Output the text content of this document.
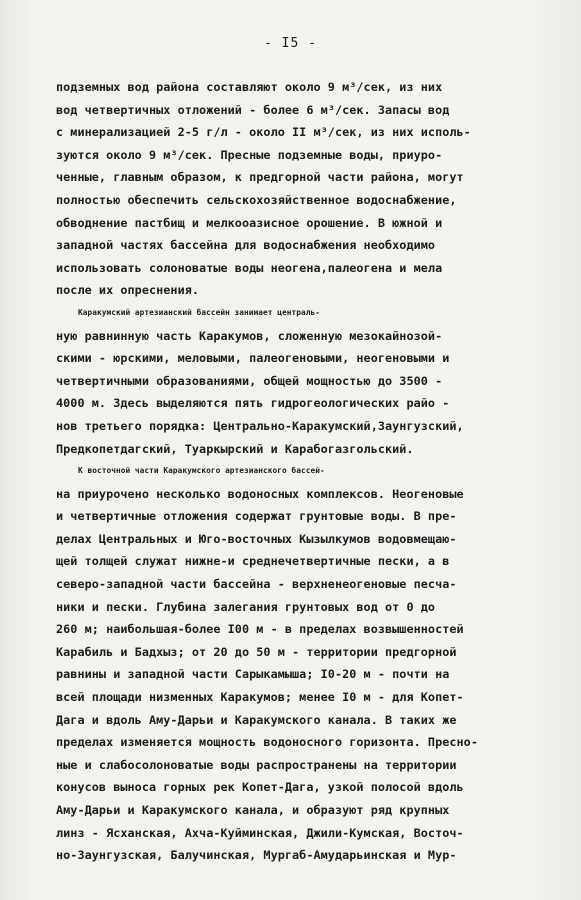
- I5 -
подземных вод района составляют около 9 м³/сек, из них
вод четвертичных отложений - более 6 м³/сек. Запасы вод
с минерализацией 2-5 г/л - около II м³/сек, из них исполь-
зуются около 9 м³/сек. Пресные подземные воды, приуро-
ченные, главным образом, к предгорной части района, могут
полностью обеспечить сельскохозяйственное водоснабжение,
обводнение пастбищ и мелкооазисное орошение. В южной и
западной частях бассейна для водоснабжения необходимо
использовать солоноватые воды неогена,палеогена и мела
после их опреснения.
Каракумский артезианский бассейн занимает централь-
ную равнинную часть Каракумов, сложенную мезокайнозой-
скими - юрскими, меловыми, палеогеновыми, неогеновыми и
четвертичными образованиями, общей мощностью до 3500 -
4000 м. Здесь выделяются пять гидрогеологических райо -
нов третьего порядка: Центрально-Каракумский,Заунгузский,
Предкопетдагский, Туаркырский и Карабогазгольский.
К восточной части Каракумского артезианского бассей-
на приурочено несколько водоносных комплексов. Неогеновые
и четвертичные отложения содержат грунтовые воды. В пре-
делах Центральных и Юго-восточных Кызылкумов водовмещаю-
щей толщей служат нижне-и среднечетвертичные пески, а в
северо-западной части бассейна - верхненеогеновые песча-
ники и пески. Глубина залегания грунтовых вод от 0 до
260 м; наибольшая-более I00 м - в пределах возвышенностей
Карабиль и Бадхыз; от 20 до 50 м - территории предгорной
равнины и западной части Сарыкамыша; I0-20 м - почти на
всей площади низменных Каракумов; менее I0 м - для Копет-
Дага и вдоль Аму-Дарьи и Каракумского канала. В таких же
пределах изменяется мощность водоносного горизонта. Пресно-
ные и слабосолоноватые воды распространены на территории
конусов выноса горных рек Копет-Дага, узкой полосой вдоль
Аму-Дарьи и Каракумского канала, и образуют ряд крупных
линз - Ясханская, Ахча-Куйминская, Джили-Кумская, Восточ-
но-Заунгузская, Балучинская, Мургаб-Амударьинская и Мур-
